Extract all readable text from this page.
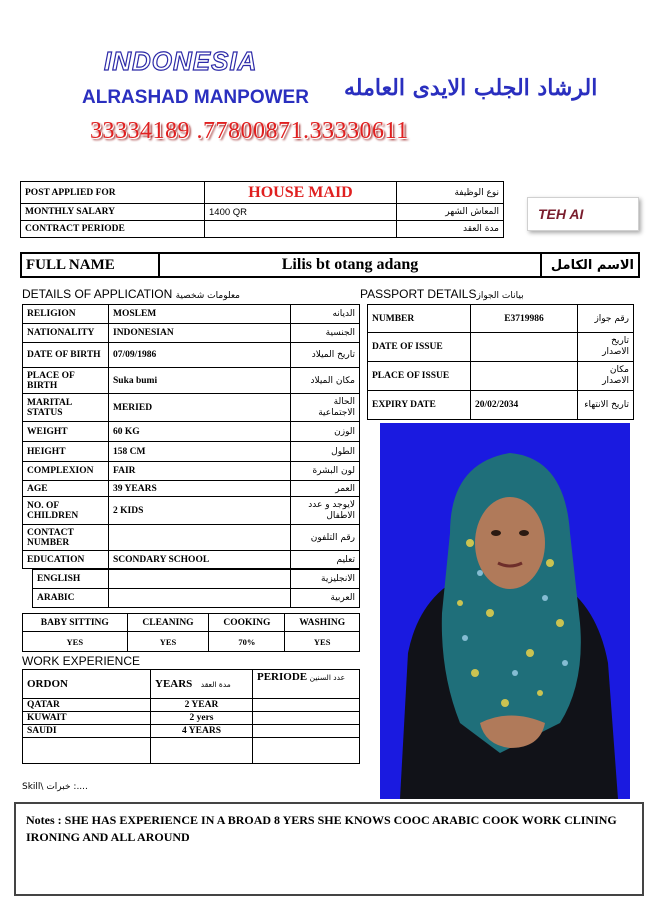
INDONESIA
ALRASHAD MANPOWER الرشاد الجلب الايدى العامله
33334189 .77800871.33330611
POST APPLIED FOR	HOUSE MAID	نوع الوظيفة
MONTHLY SALARY	1400 QR	المعاش الشهر
CONTRACT PERIODE		مدة العقد
TEH AI
FULL NAME	Lilis bt otang adang	الاسم الكامل
DETAILS OF APPLICATION معلومات شخصية
RELIGION	MOSLEM	الديانه
NATIONALITY	INDONESIAN	الجنسية
DATE OF BIRTH	07/09/1986	تاريخ الميلاد
PLACE OF BIRTH	Suka bumi	مكان الميلاد
MARITAL STATUS	MERIED	الحالة الاجتماعية
WEIGHT	60 KG	الوزن
HEIGHT	158 CM	الطول
COMPLEXION	FAIR	لون البشرة
AGE	39 YEARS	العمر
NO. OF CHILDREN	2 KIDS	لايوجد و عدد الاطفال
CONTACT NUMBER		رقم التلفون
EDUCATION	SCONDARY SCHOOL	تعليم
ENGLISH		الانجليزية
ARABIC		العربية
BABY SITTING	CLEANING	COOKING	WASHING
YES	YES	70%	YES
WORK EXPERIENCE
ORDON	YEARS مدة العقد	PERIODE عدد السنين
QATAR	2 YEAR	
KUWAIT	2 yers	
SAUDI	4 YEARS	

Skill\ خبرات :....
PASSPORT DETAILSبيانات الجواز
NUMBER	E3719986	رقم جواز
DATE OF ISSUE		تاريخ الاصدار
PLACE OF ISSUE		مكان الاصدار
EXPIRY DATE	20/02/2034	تاريخ الانتهاء
Notes : SHE HAS EXPERIENCE IN A BROAD 8 YERS SHE KNOWS COOC ARABIC COOK WORK CLINING IRONING AND ALL AROUND
